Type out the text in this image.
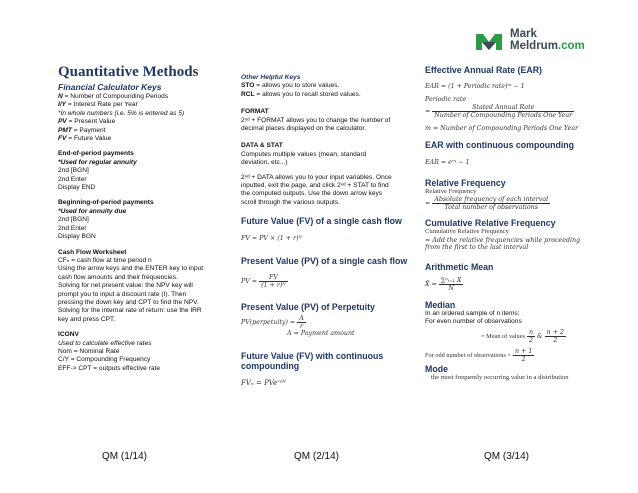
Mark
Meldrum.com
Quantitative Methods
Financial Calculator Keys
N = Number of Compounding Periods
I/Y = Interest Rate per Year
*In whole numbers (i.e. 5% is entered as 5)
PV = Present Value
PMT = Payment
FV = Future Value
End-of-period payments
*Used for regular annuity
2nd [BGN]
2nd Enter
Display END
Beginning-of-period payments
*Used for annuity due
2nd [BGN]
2nd Enter
Display BGN
Cash Flow Worksheet
CFₙ = cash flow at time period n
Using the arrow keys and the ENTER key to input
cash flow amounts and their frequencies.
Solving for net present value: the NPV key will
prompt you to input a discount rate (I). Then
pressing the down key and CPT to find the NPV.
Solving for the internal rate of return: use the IRR
key and press CPT.
ICONV
Used to calculate effective rates
Nom = Nominal Rate
C/Y = Compounding Frequency
EFF-> CPT = outputs effective rate
Other Helpful Keys
STO = allows you to store values.
RCL = allows you to recall stored values.
FORMAT
2ⁿᵈ + FORMAT allows you to change the number of
decimal places displayed on the calculator.
DATA & STAT
Computes multiple values (mean, standard
deviation, etc...)
2ⁿᵈ + DATA allows you to your input variables. Once
inputted, exit the page, and click 2ⁿᵈ + STAT to find
the computed outputs. Use the down arrow keys
scroll through the various outputs.
Future Value (FV) of a single cash flow
FV = PV × (1 + r)ᴺ
Present Value (PV) of a single cash flow
PV = $\frac{FV}{\text{(1 + r)ᴺ}}$
Present Value (PV) of Perpetuity
PV(perpetuity) = $\frac{A}{r}$
A = Payment amount
Future Value (FV) with continuous
compounding
FVₙ = PVeʳˢᴺ
Effective Annual Rate (EAR)
EAR = (1 + Periodic rate)ᵐ − 1
Periodic rate
= $\frac{\text{Stated Annual Rate}}{\text{Number of Compounding Periods One Year}}$
m = Number of Compounding Periods One Year
EAR with continuous compounding
EAR = eʳˢ − 1
Relative Frequency
Relative Frequency
= $\frac{\text{Absolute frequency of each interval}}{\text{Total number of observations}}$
Cumulative Relative Frequency
Cumulative Relative Frequency
= Add the relative frequencies while proceeding
from the first to the last interval
Arithmetic Mean
X̄ = $\frac{\text{∑ⁿᵢ₌₁ X}}{N}$
Median
In an ordered sample of n items:
For even number of observations
= Mean of values $\frac{n}{2}$ & $\frac{n + 2}{2}$
For odd number of observations = $\frac{n + 1}{2}$
Mode
the most frequently occurring value in a distribution
QM (1/14)	QM (2/14)	QM (3/14)
